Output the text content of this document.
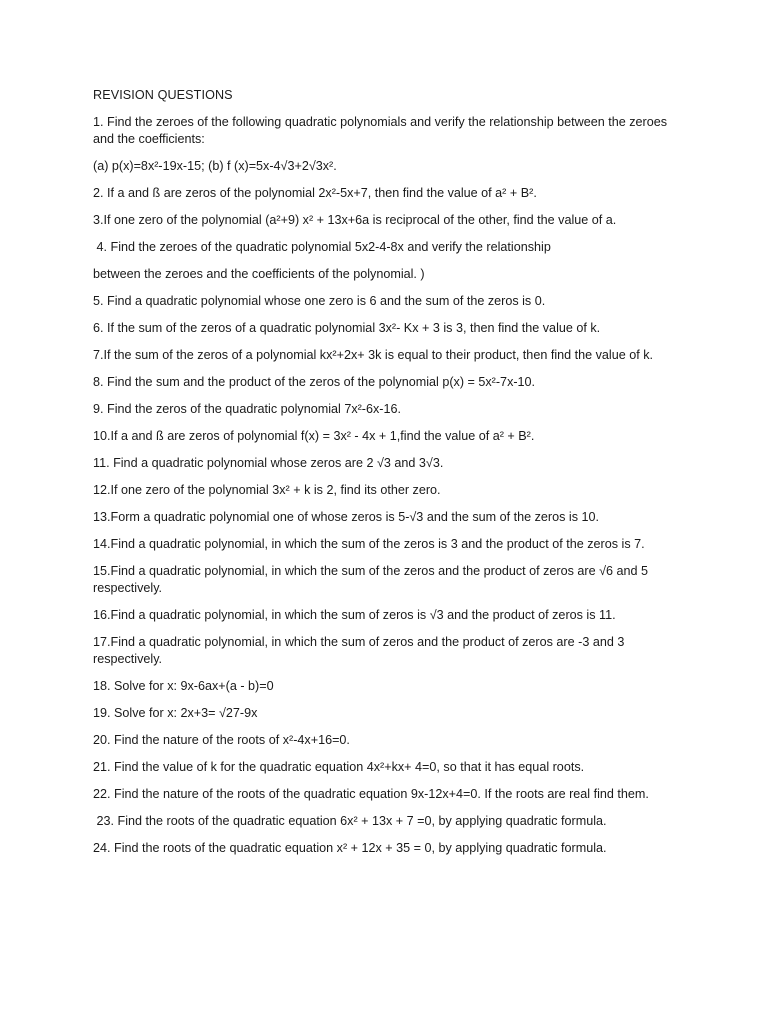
REVISION QUESTIONS

1. Find the zeroes of the following quadratic polynomials and verify the relationship between the zeroes and the coefficients:

(a) p(x)=8x²-19x-15; (b) f (x)=5x-4√3+2√3x².

2. If a and ß are zeros of the polynomial 2x²-5x+7, then find the value of a² + B².

3.If one zero of the polynomial (a²+9) x² + 13x+6a is reciprocal of the other, find the value of a.

4. Find the zeroes of the quadratic polynomial 5x2-4-8x and verify the relationship

between the zeroes and the coefficients of the polynomial. )

5. Find a quadratic polynomial whose one zero is 6 and the sum of the zeros is 0.

6. If the sum of the zeros of a quadratic polynomial 3x²- Kx + 3 is 3, then find the value of k.

7.If the sum of the zeros of a polynomial kx²+2x+ 3k is equal to their product, then find the value of k.

8. Find the sum and the product of the zeros of the polynomial p(x) = 5x²-7x-10.

9. Find the zeros of the quadratic polynomial 7x²-6x-16.

10.If a and ß are zeros of polynomial f(x) = 3x² - 4x + 1,find the value of a² + B².

11. Find a quadratic polynomial whose zeros are 2 √3 and 3√3.

12.If one zero of the polynomial 3x² + k is 2, find its other zero.

13.Form a quadratic polynomial one of whose zeros is 5-√3 and the sum of the zeros is 10.

14.Find a quadratic polynomial, in which the sum of the zeros is 3 and the product of the zeros is 7.

15.Find a quadratic polynomial, in which the sum of the zeros and the product of zeros are √6 and 5 respectively.

16.Find a quadratic polynomial, in which the sum of zeros is √3 and the product of zeros is 11.

17.Find a quadratic polynomial, in which the sum of zeros and the product of zeros are -3 and 3 respectively.

18. Solve for x: 9x-6ax+(a - b)=0

19. Solve for x: 2x+3= √27-9x

20. Find the nature of the roots of x²-4x+16=0.

21. Find the value of k for the quadratic equation 4x²+kx+ 4=0, so that it has equal roots.

22. Find the nature of the roots of the quadratic equation 9x-12x+4=0. If the roots are real find them.

23. Find the roots of the quadratic equation 6x² + 13x + 7 =0, by applying quadratic formula.

24. Find the roots of the quadratic equation x² + 12x + 35 = 0, by applying quadratic formula.
